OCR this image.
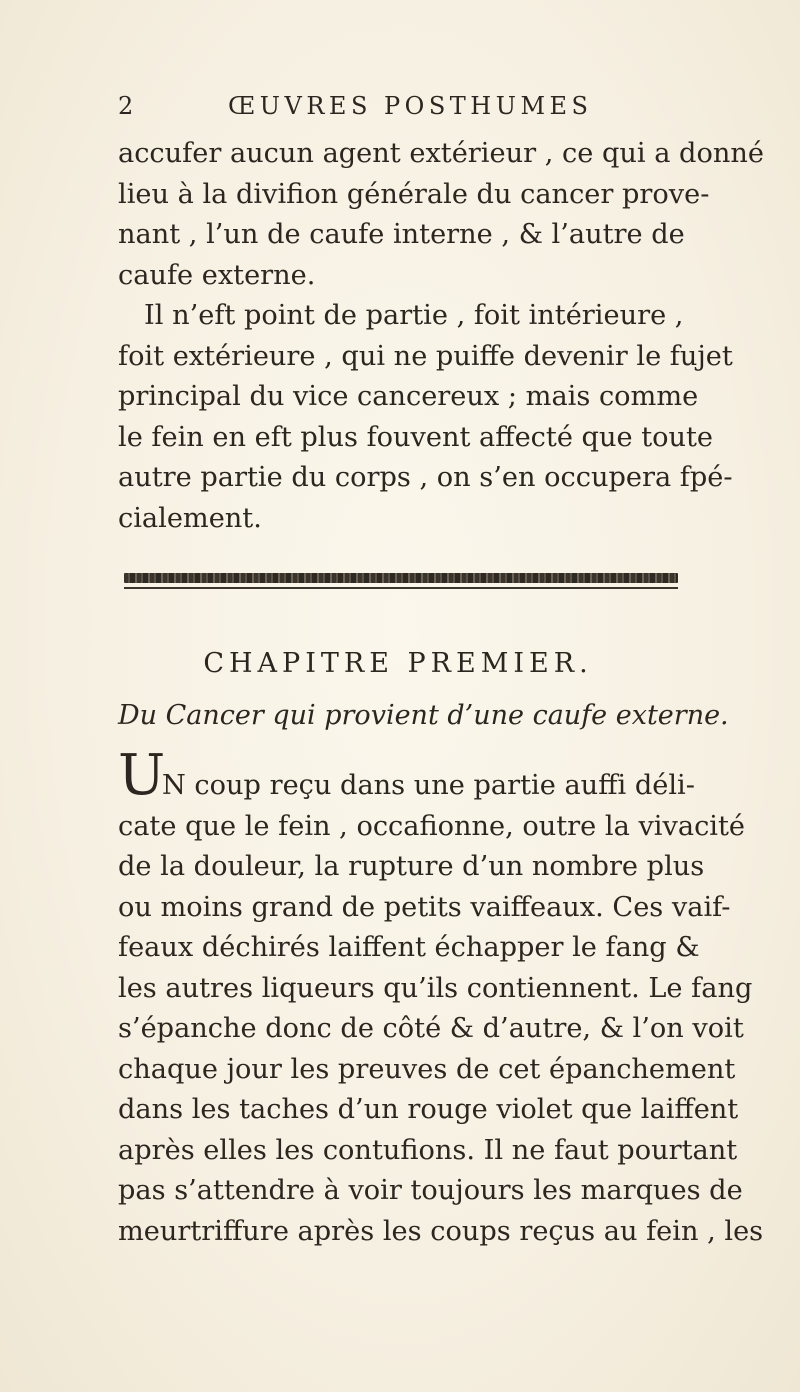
2	ŒUVRES POSTHUMES
accufer aucun agent extérieur , ce qui a donné
lieu à la divifion générale du cancer prove-
nant , l’un de caufe interne , & l’autre de
caufe externe.
Il n’eft point de partie , foit intérieure ,
foit extérieure , qui ne puiffe devenir le fujet
principal du vice cancereux ; mais comme
le fein en eft plus fouvent affecté que toute
autre partie du corps , on s’en occupera fpé-
cialement.
CHAPITRE PREMIER.
Du Cancer qui provient d’une caufe externe.
U
N coup reçu dans une partie auffi déli-
cate que le fein , occafionne, outre la vivacité
de la douleur, la rupture d’un nombre plus
ou moins grand de petits vaiffeaux. Ces vaif-
feaux déchirés laiffent échapper le fang &
les autres liqueurs qu’ils contiennent. Le fang
s’épanche donc de côté & d’autre, & l’on voit
chaque jour les preuves de cet épanchement
dans les taches d’un rouge violet que laiffent
après elles les contufions. Il ne faut pourtant
pas s’attendre à voir toujours les marques de
meurtriffure après les coups reçus au fein , les
